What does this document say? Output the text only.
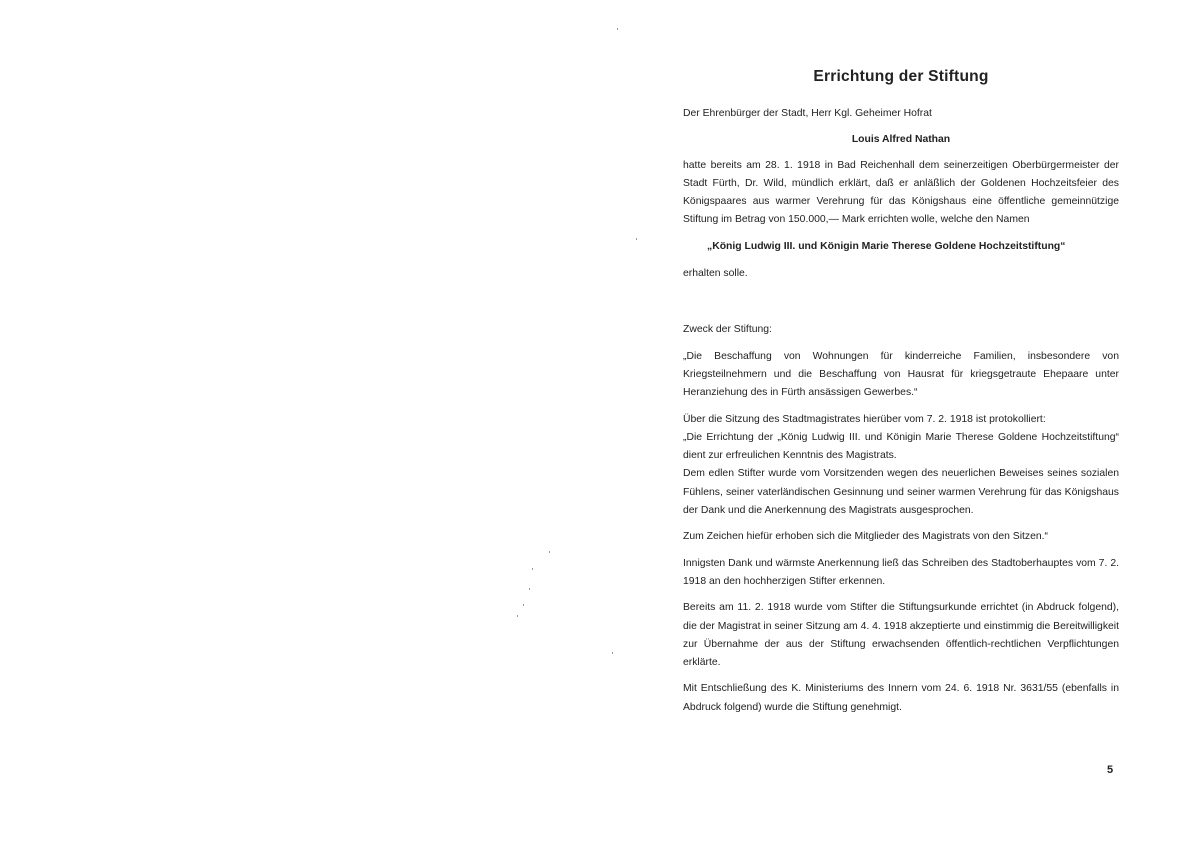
Errichtung der Stiftung

Der Ehrenbürger der Stadt, Herr Kgl. Geheimer Hofrat

Louis Alfred Nathan

hatte bereits am 28. 1. 1918 in Bad Reichenhall dem seinerzeitigen Oberbürgermeister der Stadt Fürth, Dr. Wild, mündlich erklärt, daß er anläßlich der Goldenen Hochzeitsfeier des Königspaares aus warmer Verehrung für das Königshaus eine öffentliche gemeinnützige Stiftung im Betrag von 150.000,— Mark errichten wolle, welche den Namen

„König Ludwig III. und Königin Marie Therese Goldene Hochzeitstiftung“

erhalten solle.

Zweck der Stiftung:

„Die Beschaffung von Wohnungen für kinderreiche Familien, insbesondere von Kriegsteilnehmern und die Beschaffung von Hausrat für kriegsgetraute Ehepaare unter Heranziehung des in Fürth ansässigen Gewerbes.“

Über die Sitzung des Stadtmagistrates hierüber vom 7. 2. 1918 ist protokolliert:

„Die Errichtung der „König Ludwig III. und Königin Marie Therese Goldene Hochzeitstiftung“ dient zur erfreulichen Kenntnis des Magistrats.

Dem edlen Stifter wurde vom Vorsitzenden wegen des neuerlichen Beweises seines sozialen Fühlens, seiner vaterländischen Gesinnung und seiner warmen Verehrung für das Königshaus der Dank und die Anerkennung des Magistrats ausgesprochen.

Zum Zeichen hiefür erhoben sich die Mitglieder des Magistrats von den Sitzen.“

Innigsten Dank und wärmste Anerkennung ließ das Schreiben des Stadtoberhauptes vom 7. 2. 1918 an den hochherzigen Stifter erkennen.

Bereits am 11. 2. 1918 wurde vom Stifter die Stiftungsurkunde errichtet (in Abdruck folgend), die der Magistrat in seiner Sitzung am 4. 4. 1918 akzeptierte und einstimmig die Bereitwilligkeit zur Übernahme der aus der Stiftung erwachsenden öffentlich-rechtlichen Verpflichtungen erklärte.

Mit Entschließung des K. Ministeriums des Innern vom 24. 6. 1918 Nr. 3631/55 (ebenfalls in Abdruck folgend) wurde die Stiftung genehmigt.

5
